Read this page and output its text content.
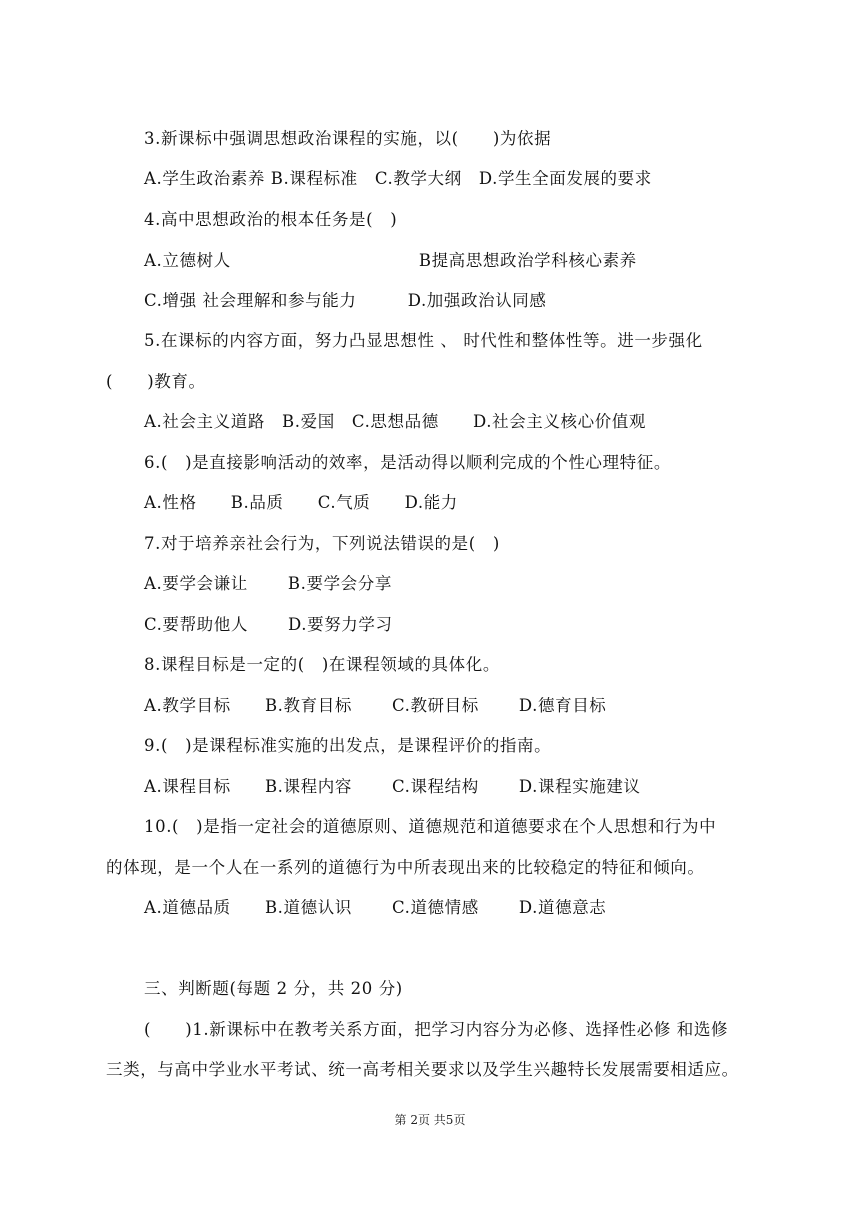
3.新课标中强调思想政治课程的实施，以(　　)为依据
A.学生政治素养 B.课程标准　C.教学大纲　D.学生全面发展的要求
4.高中思想政治的根本任务是(　)
A.立德树人　　　　　　　　　　　B提高思想政治学科核心素养
C.增强 社会理解和参与能力　　　D.加强政治认同感
5.在课标的内容方面，努力凸显思想性 、 时代性和整体性等。进一步强化
(　　)教育。
A.社会主义道路　B.爱国　C.思想品德　　D.社会主义核心价值观
6.(　)是直接影响活动的效率，是活动得以顺利完成的个性心理特征。
A.性格　　B.品质　　C.气质　　D.能力
7.对于培养亲社会行为，下列说法错误的是(　)
A.要学会谦让　　 B.要学会分享
C.要帮助他人　　 D.要努力学习
8.课程目标是一定的(　)在课程领域的具体化。
A.教学目标　　B.教育目标　　 C.教研目标　　 D.德育目标
9.(　)是课程标准实施的出发点，是课程评价的指南。
A.课程目标　　B.课程内容　　 C.课程结构　　 D.课程实施建议
10.(　)是指一定社会的道德原则、道德规范和道德要求在个人思想和行为中
的体现，是一个人在一系列的道德行为中所表现出来的比较稳定的特征和倾向。
A.道德品质　　B.道德认识　　 C.道德情感　　 D.道德意志
三、判断题(每题 2 分，共 20 分)
(　　)1.新课标中在教考关系方面，把学习内容分为必修、选择性必修 和选修
三类，与高中学业水平考试、统一高考相关要求以及学生兴趣特长发展需要相适应。
第 2页 共5页
